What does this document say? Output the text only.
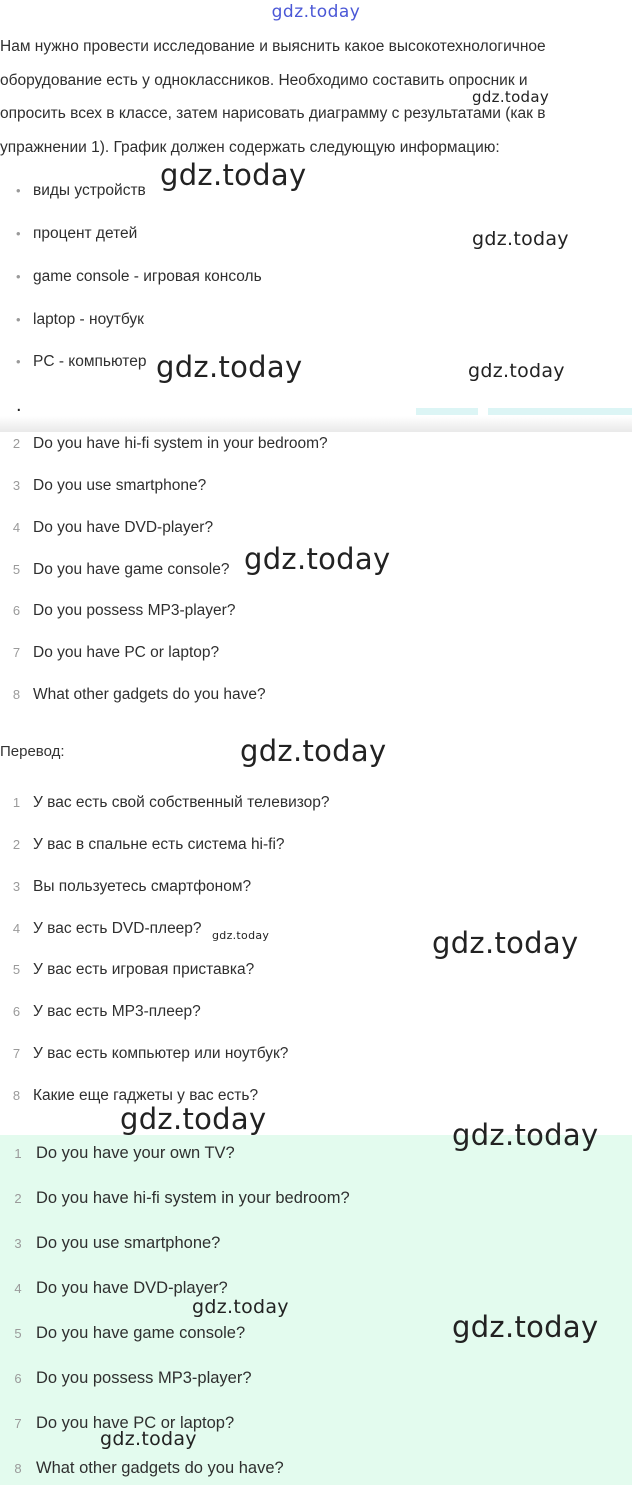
gdz.today
Нам нужно провести исследование и выяснить какое высокотехнологичное
оборудование есть у одноклассников. Необходимо составить опросник и
опросить всех в классе, затем нарисовать диаграмму с результатами (как в
упражнении 1). График должен содержать следующую информацию:
• виды устройств
• процент детей
• game console - игровая консоль
• laptop - ноутбук
• PC - компьютер
.
2 Do you have hi-fi system in your bedroom?
3 Do you use smartphone?
4 Do you have DVD-player?
5 Do you have game console?
6 Do you possess MP3-player?
7 Do you have PC or laptop?
8 What other gadgets do you have?
Перевод:
1 У вас есть свой собственный телевизор?
2 У вас в спальне есть система hi-fi?
3 Вы пользуетесь смартфоном?
4 У вас есть DVD-плеер?
5 У вас есть игровая приставка?
6 У вас есть MP3-плеер?
7 У вас есть компьютер или ноутбук?
8 Какие еще гаджеты у вас есть?
1 Do you have your own TV?
2 Do you have hi-fi system in your bedroom?
3 Do you use smartphone?
4 Do you have DVD-player?
5 Do you have game console?
6 Do you possess MP3-player?
7 Do you have PC or laptop?
8 What other gadgets do you have?
gdz.today
gdz.today
gdz.today
gdz.today	gdz.today
gdz.today
gdz.today
gdz.today	gdz.today
gdz.today	gdz.today
gdz.today
gdz.today
gdz.today
